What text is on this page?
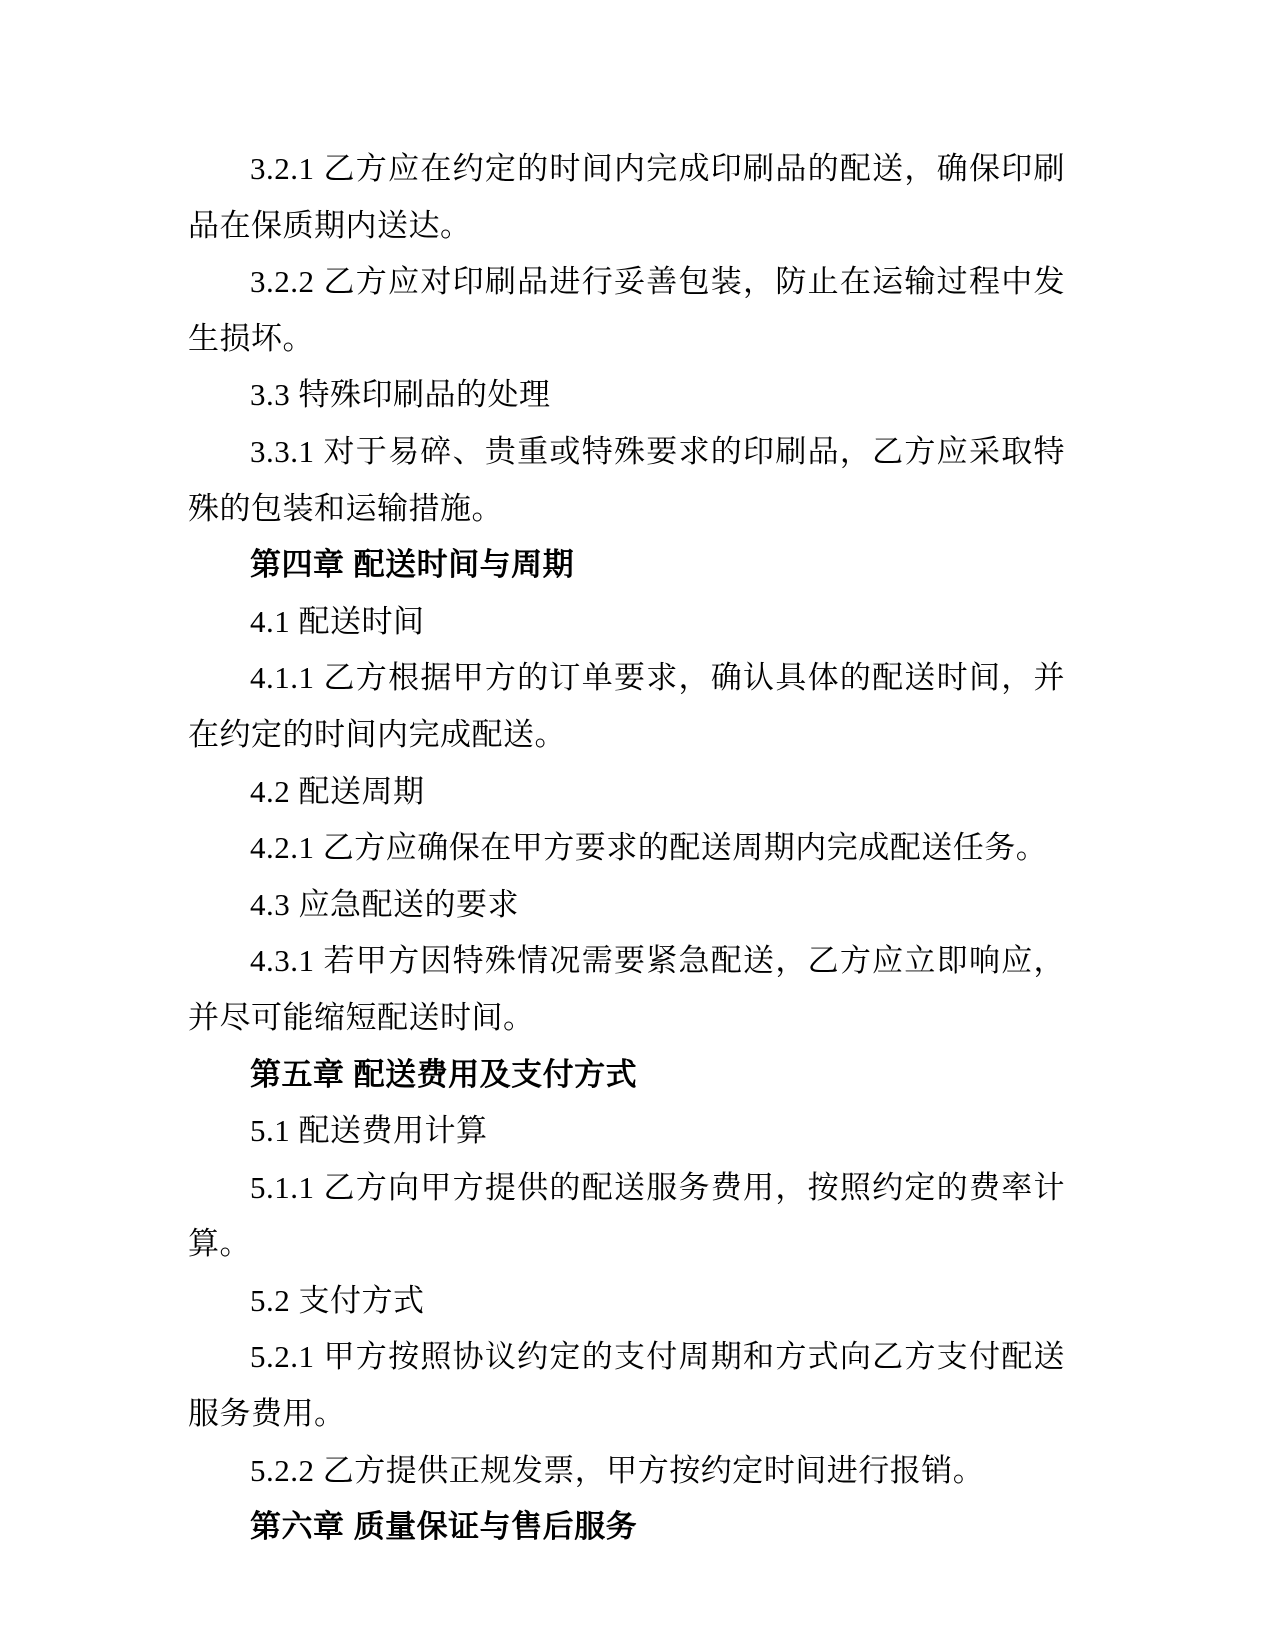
3.2.1 乙方应在约定的时间内完成印刷品的配送，确保印刷品在保质期内送达。

3.2.2 乙方应对印刷品进行妥善包装，防止在运输过程中发生损坏。

3.3 特殊印刷品的处理

3.3.1 对于易碎、贵重或特殊要求的印刷品，乙方应采取特殊的包装和运输措施。

第四章 配送时间与周期

4.1 配送时间

4.1.1 乙方根据甲方的订单要求，确认具体的配送时间，并在约定的时间内完成配送。

4.2 配送周期

4.2.1 乙方应确保在甲方要求的配送周期内完成配送任务。

4.3 应急配送的要求

4.3.1 若甲方因特殊情况需要紧急配送，乙方应立即响应，并尽可能缩短配送时间。

第五章 配送费用及支付方式

5.1 配送费用计算

5.1.1 乙方向甲方提供的配送服务费用，按照约定的费率计算。

5.2 支付方式

5.2.1 甲方按照协议约定的支付周期和方式向乙方支付配送服务费用。

5.2.2 乙方提供正规发票，甲方按约定时间进行报销。

第六章 质量保证与售后服务
